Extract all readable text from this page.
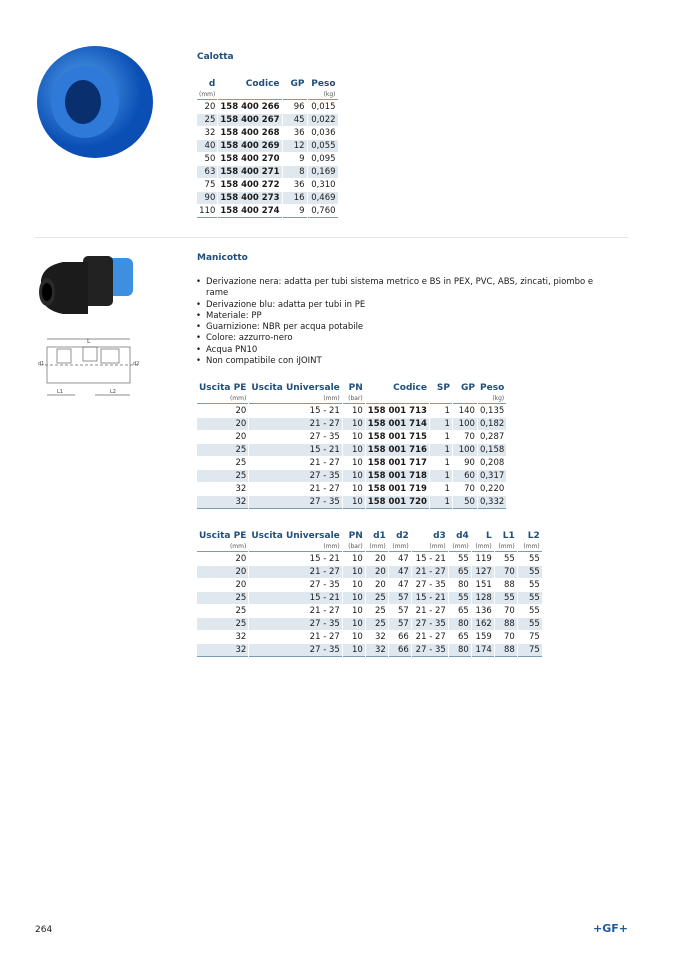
Calotta
d	Codice	GP	Peso
(mm)			(kg)
20	158 400 266	96	0,015
25	158 400 267	45	0,022
32	158 400 268	36	0,036
40	158 400 269	12	0,055
50	158 400 270	9	0,095
63	158 400 271	8	0,169
75	158 400 272	36	0,310
90	158 400 273	16	0,469
110	158 400 274	9	0,760
L
L1	L2
d1	d2
Manicotto
• Derivazione nera: adatta per tubi sistema metrico e BS in PEX, PVC, ABS, zincati, piombo e rame
• Derivazione blu: adatta per tubi in PE
• Materiale: PP
• Guarnizione: NBR per acqua potabile
• Colore: azzurro-nero
• Acqua PN10
• Non compatibile con iJOINT
Uscita PE	Uscita Universale	PN	Codice	SP	GP	Peso
(mm)	(mm)	(bar)				(kg)
20	15 - 21	10	158 001 713	1	140	0,135
20	21 - 27	10	158 001 714	1	100	0,182
20	27 - 35	10	158 001 715	1	70	0,287
25	15 - 21	10	158 001 716	1	100	0,158
25	21 - 27	10	158 001 717	1	90	0,208
25	27 - 35	10	158 001 718	1	60	0,317
32	21 - 27	10	158 001 719	1	70	0,220
32	27 - 35	10	158 001 720	1	50	0,332
Uscita PE	Uscita Universale	PN	d1	d2	d3	d4	L	L1	L2
(mm)	(mm)	(bar)	(mm)	(mm)	(mm)	(mm)	(mm)	(mm)	(mm)
20	15 - 21	10	20	47	15 - 21	55	119	55	55
20	21 - 27	10	20	47	21 - 27	65	127	70	55
20	27 - 35	10	20	47	27 - 35	80	151	88	55
25	15 - 21	10	25	57	15 - 21	55	128	55	55
25	21 - 27	10	25	57	21 - 27	65	136	70	55
25	27 - 35	10	25	57	27 - 35	80	162	88	55
32	21 - 27	10	32	66	21 - 27	65	159	70	75
32	27 - 35	10	32	66	27 - 35	80	174	88	75
264	+GF+
